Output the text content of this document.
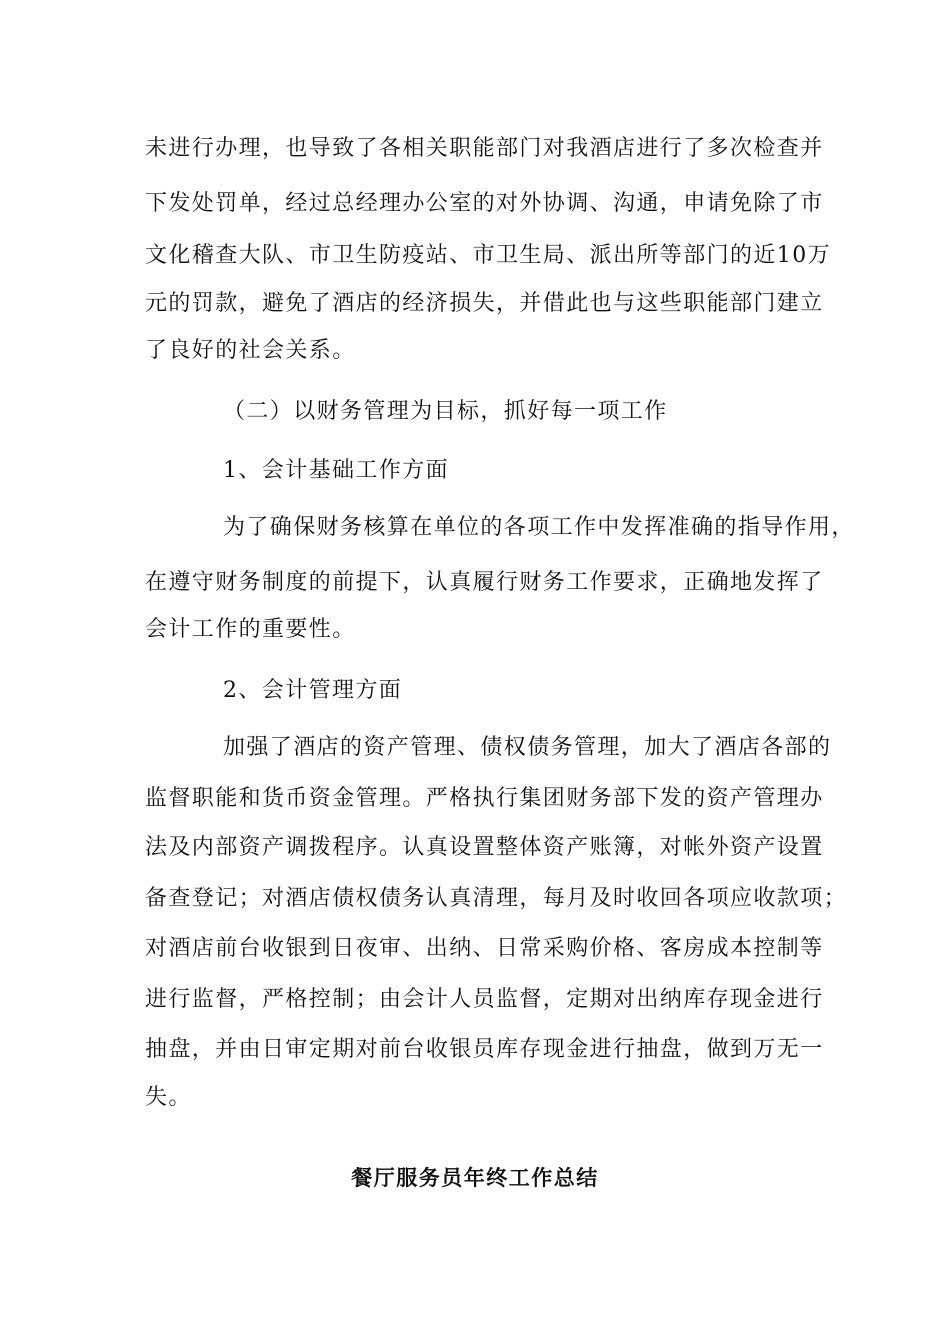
未进行办理，也导致了各相关职能部门对我酒店进行了多次检查并
下发处罚单，经过总经理办公室的对外协调、沟通，申请免除了市
文化稽查大队、市卫生防疫站、市卫生局、派出所等部门的近10万
元的罚款，避免了酒店的经济损失，并借此也与这些职能部门建立
了良好的社会关系。
（二）以财务管理为目标，抓好每一项工作
1、会计基础工作方面
为了确保财务核算在单位的各项工作中发挥准确的指导作用，
在遵守财务制度的前提下，认真履行财务工作要求，正确地发挥了
会计工作的重要性。
2、会计管理方面
加强了酒店的资产管理、债权债务管理，加大了酒店各部的
监督职能和货币资金管理。严格执行集团财务部下发的资产管理办
法及内部资产调拨程序。认真设置整体资产账簿，对帐外资产设置
备查登记；对酒店债权债务认真清理，每月及时收回各项应收款项；
对酒店前台收银到日夜审、出纳、日常采购价格、客房成本控制等
进行监督，严格控制；由会计人员监督，定期对出纳库存现金进行
抽盘，并由日审定期对前台收银员库存现金进行抽盘，做到万无一
失。
餐厅服务员年终工作总结
